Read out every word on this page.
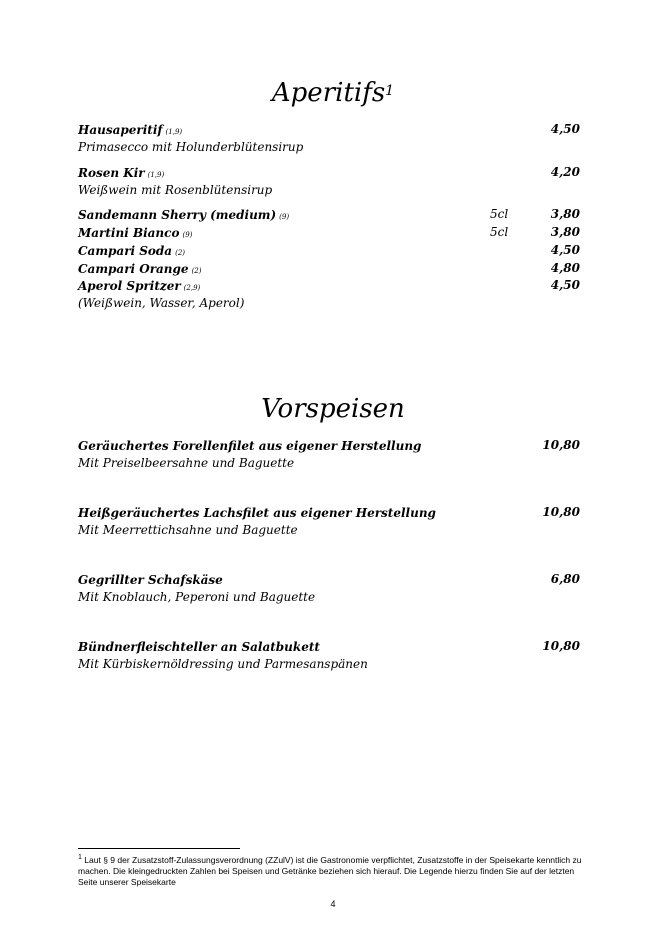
Aperitifs$^1$
Hausaperitif (1,9)	4,50
Primasecco mit Holunderblütensirup
Rosen Kir (1,9)	4,20
Weißwein mit Rosenblütensirup
Sandemann Sherry (medium) (9)	5cl	3,80
Martini Bianco (9)	5cl	3,80
Campari Soda (2)	4,50
Campari Orange (2)	4,80
Aperol Spritzer (2,9)	4,50
(Weißwein, Wasser, Aperol)
Vorspeisen
Geräuchertes Forellenfilet aus eigener Herstellung	10,80
Mit Preiselbeersahne und Baguette
Heißgeräuchertes Lachsfilet aus eigener Herstellung	10,80
Mit Meerrettichsahne und Baguette
Gegrillter Schafskäse	6,80
Mit Knoblauch, Peperoni und Baguette
Bündnerfleischteller an Salatbukett	10,80
Mit Kürbiskernöldressing und Parmesanspänen
$^1$ Laut § 9 der Zusatzstoff-Zulassungsverordnung (ZZulV) ist die Gastronomie verpflichtet, Zusatzstoffe in der Speisekarte kenntlich zu machen. Die kleingedruckten Zahlen bei Speisen und Getränke beziehen sich hierauf. Die Legende hierzu finden Sie auf der letzten Seite unserer Speisekarte
4
